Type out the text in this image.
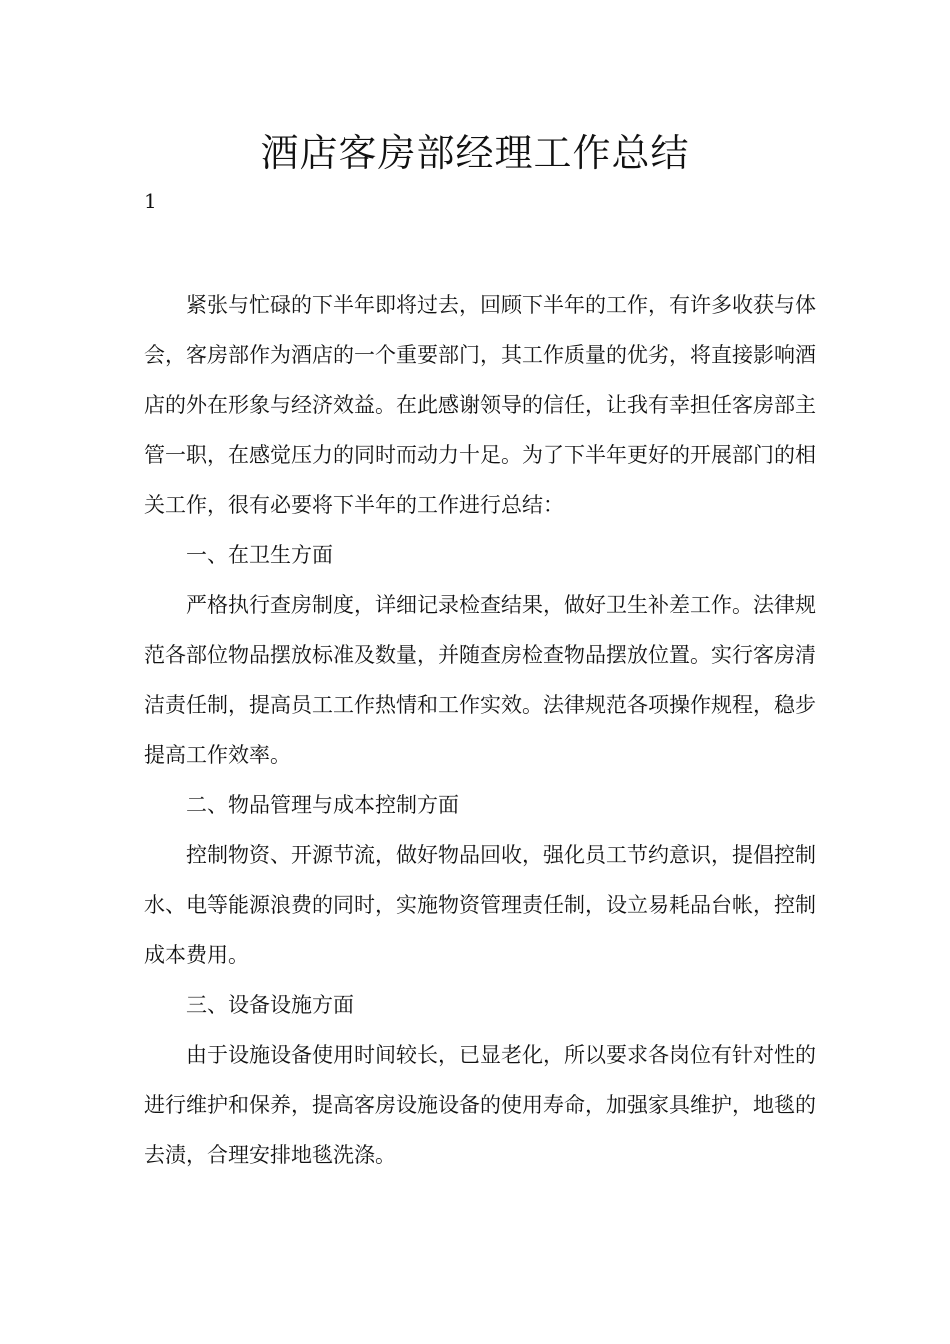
酒店客房部经理工作总结
1

紧张与忙碌的下半年即将过去，回顾下半年的工作，有许多收获与体会，客房部作为酒店的一个重要部门，其工作质量的优劣，将直接影响酒店的外在形象与经济效益。在此感谢领导的信任，让我有幸担任客房部主管一职，在感觉压力的同时而动力十足。为了下半年更好的开展部门的相关工作，很有必要将下半年的工作进行总结：

一、在卫生方面

严格执行查房制度，详细记录检查结果，做好卫生补差工作。法律规范各部位物品摆放标准及数量，并随查房检查物品摆放位置。实行客房清洁责任制，提高员工工作热情和工作实效。法律规范各项操作规程，稳步提高工作效率。

二、物品管理与成本控制方面

控制物资、开源节流，做好物品回收，强化员工节约意识，提倡控制水、电等能源浪费的同时，实施物资管理责任制，设立易耗品台帐，控制成本费用。

三、设备设施方面

由于设施设备使用时间较长，已显老化，所以要求各岗位有针对性的进行维护和保养，提高客房设施设备的使用寿命，加强家具维护，地毯的去渍，合理安排地毯洗涤。
